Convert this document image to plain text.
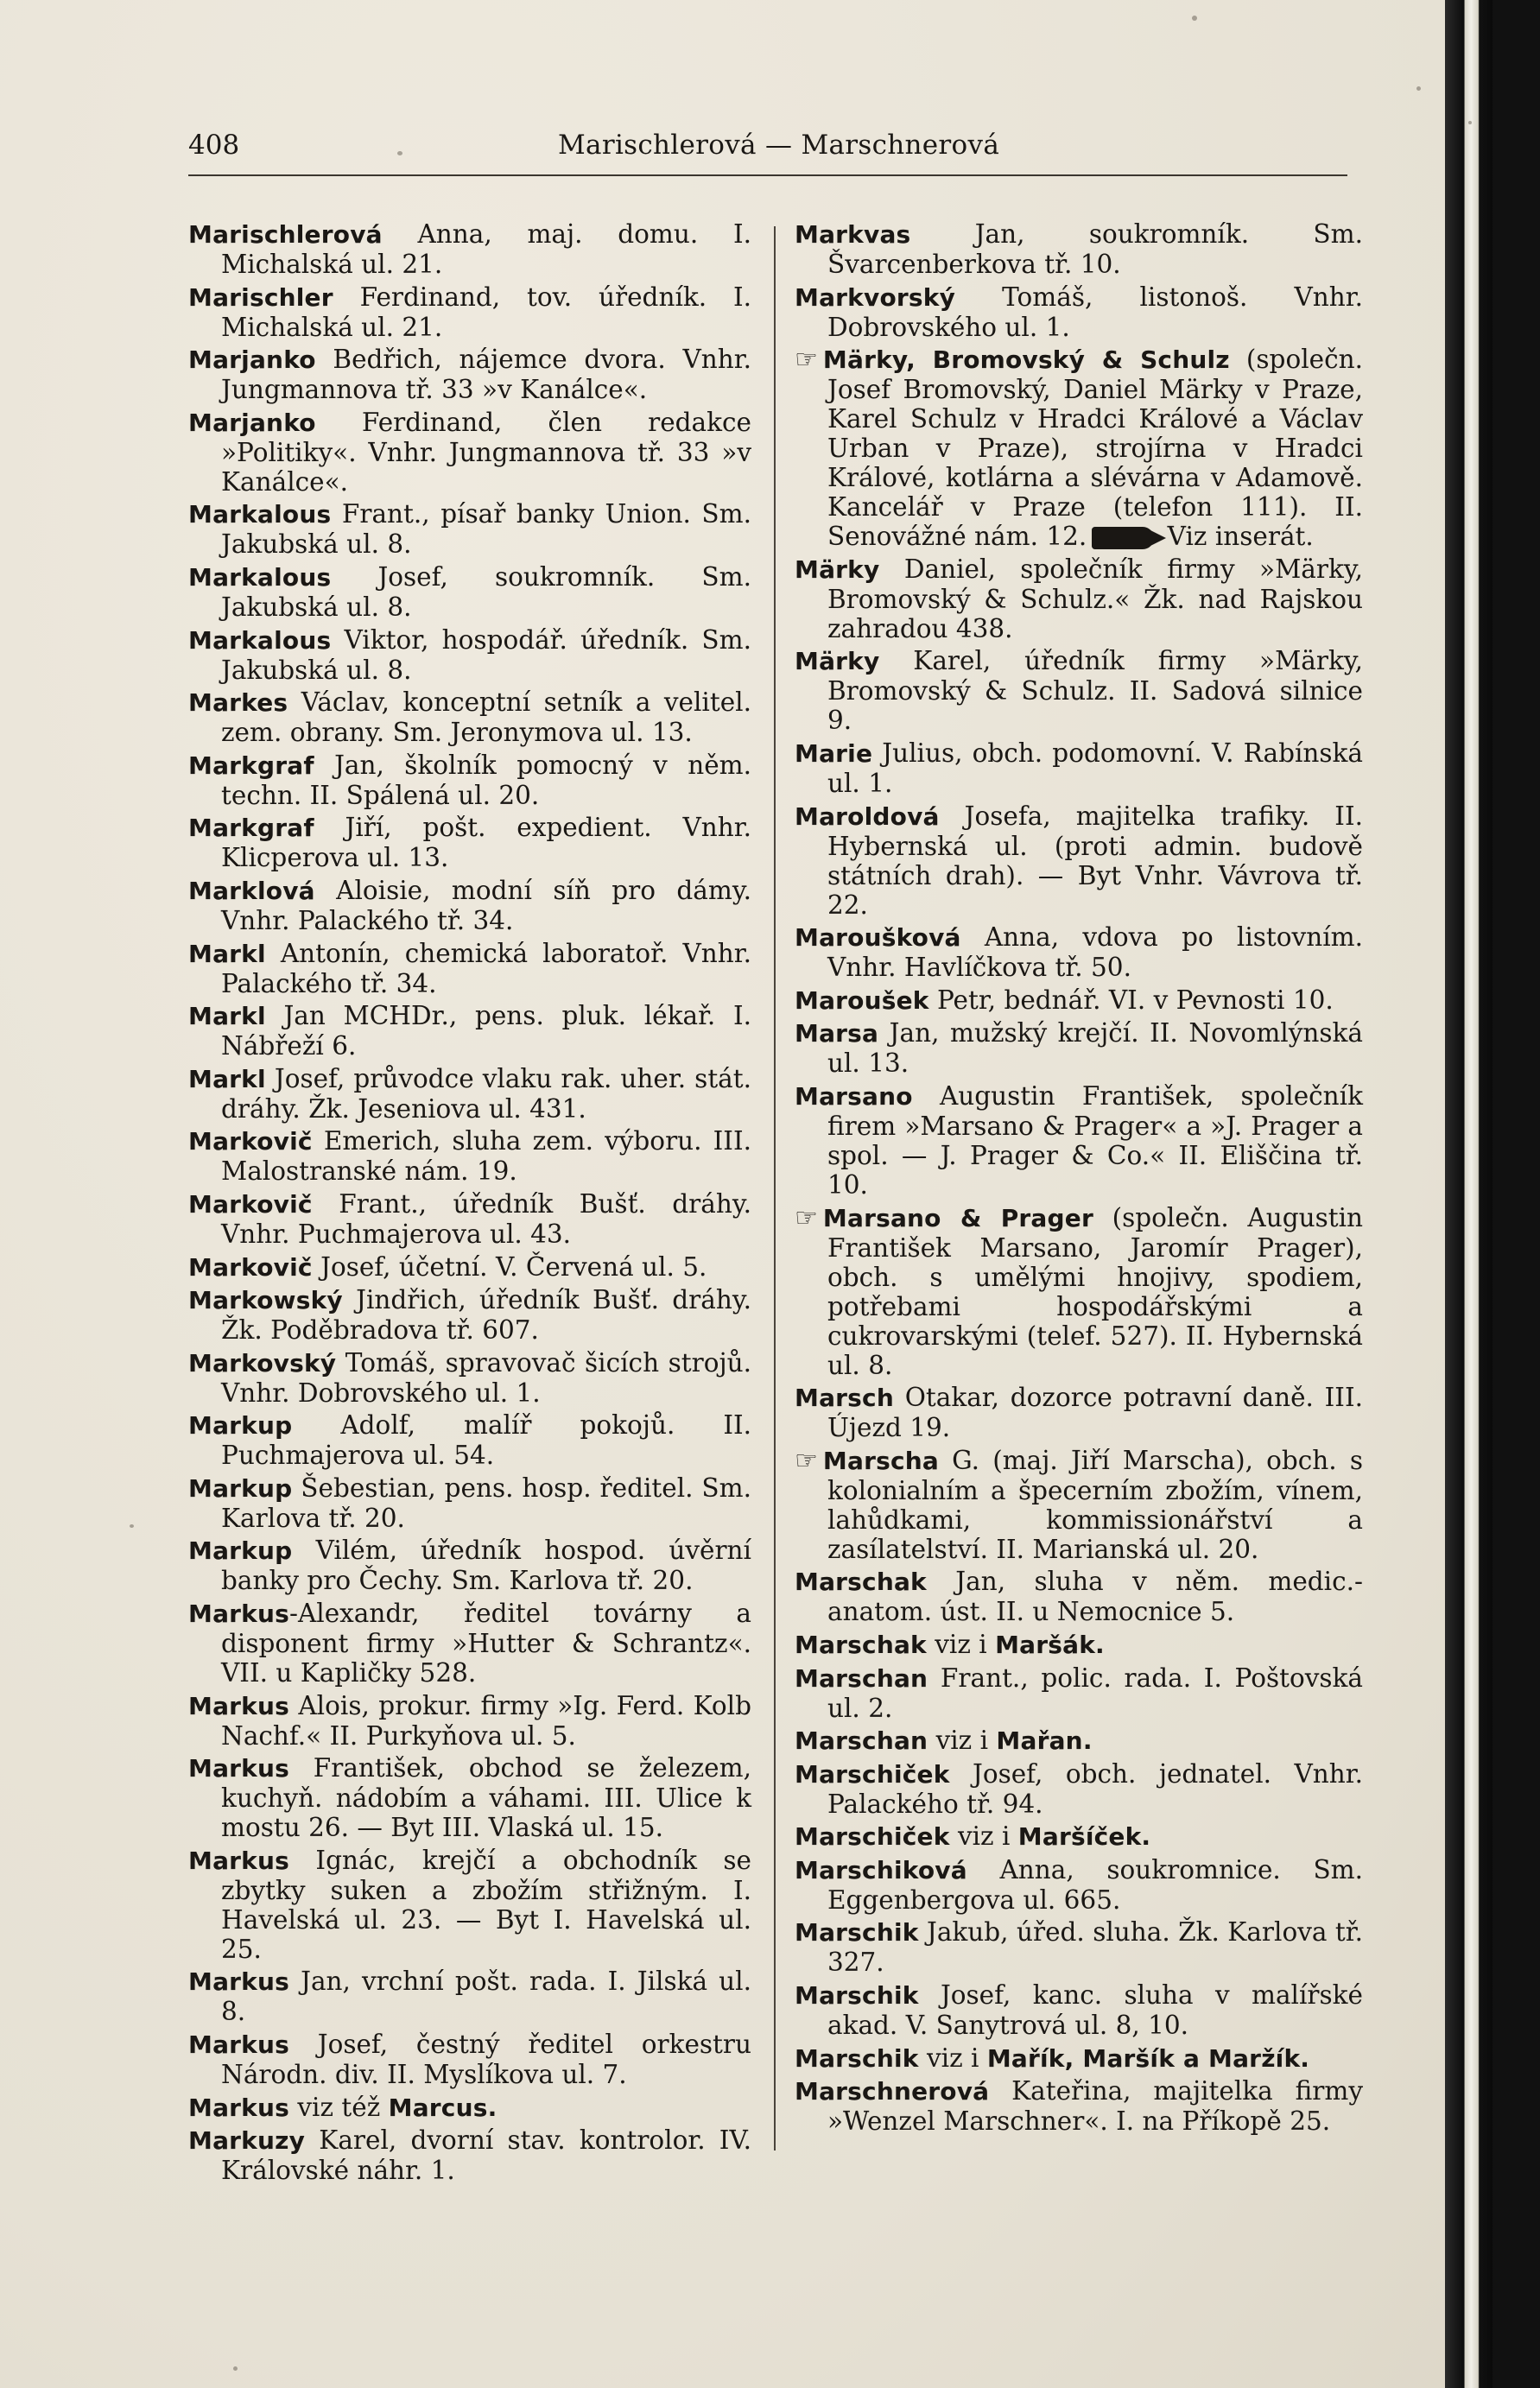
408	Marischlerová — Marschnerová

Marischlerová Anna, maj. domu. I. Michalská ul. 21.

Marischler Ferdinand, tov. úředník. I. Michalská ul. 21.

Marjanko Bedřich, nájemce dvora. Vnhr. Jungmannova tř. 33 »v Kanálce«.

Marjanko Ferdinand, člen redakce »Politiky«. Vnhr. Jungmannova tř. 33 »v Kanálce«.

Markalous Frant., písař banky Union. Sm. Jakubská ul. 8.

Markalous Josef, soukromník. Sm. Jakubská ul. 8.

Markalous Viktor, hospodář. úředník. Sm. Jakubská ul. 8.

Markes Václav, konceptní setník a velitel. zem. obrany. Sm. Jeronymova ul. 13.

Markgraf Jan, školník pomocný v něm. techn. II. Spálená ul. 20.

Markgraf Jiří, pošt. expedient. Vnhr. Klicperova ul. 13.

Marklová Aloisie, modní síň pro dámy. Vnhr. Palackého tř. 34.

Markl Antonín, chemická laboratoř. Vnhr. Palackého tř. 34.

Markl Jan MCHDr., pens. pluk. lékař. I. Nábřeží 6.

Markl Josef, průvodce vlaku rak. uher. stát. dráhy. Žk. Jeseniova ul. 431.

Markovič Emerich, sluha zem. výboru. III. Malostranské nám. 19.

Markovič Frant., úředník Bušť. dráhy. Vnhr. Puchmajerova ul. 43.

Markovič Josef, účetní. V. Červená ul. 5.

Markowský Jindřich, úředník Bušť. dráhy. Žk. Poděbradova tř. 607.

Markovský Tomáš, spravovač šicích strojů. Vnhr. Dobrovského ul. 1.

Markup Adolf, malíř pokojů. II. Puchmajerova ul. 54.

Markup Šebestian, pens. hosp. ředitel. Sm. Karlova tř. 20.

Markup Vilém, úředník hospod. úvěrní banky pro Čechy. Sm. Karlova tř. 20.

Markus-Alexandr, ředitel továrny a disponent firmy »Hutter & Schrantz«. VII. u Kapličky 528.

Markus Alois, prokur. firmy »Ig. Ferd. Kolb Nachf.« II. Purkyňova ul. 5.

Markus František, obchod se železem, kuchyň. nádobím a váhami. III. Ulice k mostu 26. — Byt III. Vlaská ul. 15.

Markus Ignác, krejčí a obchodník se zbytky suken a zbožím střižným. I. Havelská ul. 23. — Byt I. Havelská ul. 25.

Markus Jan, vrchní pošt. rada. I. Jilská ul. 8.

Markus Josef, čestný ředitel orkestru Národn. div. II. Myslíkova ul. 7.

Markus viz též Marcus.

Markuzy Karel, dvorní stav. kontrolor. IV. Královské náhr. 1.

Markvas Jan, soukromník. Sm. Švarcenberkova tř. 10.

Markvorský Tomáš, listonoš. Vnhr. Dobrovského ul. 1.

☞ Märky, Bromovský & Schulz (společn. Josef Bromovský, Daniel Märky v Praze, Karel Schulz v Hradci Králové a Václav Urban v Praze), strojírna v Hradci Králové, kotlárna a slévárna v Adamově. Kancelář v Praze (telefon 111). II. Senovážné nám. 12.	Viz inserát.

Märky Daniel, společník firmy »Märky, Bromovský & Schulz.« Žk. nad Rajskou zahradou 438.

Märky Karel, úředník firmy »Märky, Bromovský & Schulz. II. Sadová silnice 9.

Marie Julius, obch. podomovní. V. Rabínská ul. 1.

Maroldová Josefa, majitelka trafiky. II. Hybernská ul. (proti admin. budově státních drah). — Byt Vnhr. Vávrova tř. 22.

Maroušková Anna, vdova po listovním. Vnhr. Havlíčkova tř. 50.

Maroušek Petr, bednář. VI. v Pevnosti 10.

Marsa Jan, mužský krejčí. II. Novomlýnská ul. 13.

Marsano Augustin František, společník firem »Marsano & Prager« a »J. Prager a spol. — J. Prager & Co.« II. Eliščina tř. 10.

☞ Marsano & Prager (společn. Augustin František Marsano, Jaromír Prager), obch. s umělými hnojivy, spodiem, potřebami hospodářskými a cukrovarskými (telef. 527). II. Hybernská ul. 8.

Marsch Otakar, dozorce potravní daně. III. Újezd 19.

☞ Marscha G. (maj. Jiří Marscha), obch. s kolonialním a špecerním zbožím, vínem, lahůdkami, kommissionářství a zasílatelství. II. Marianská ul. 20.

Marschak Jan, sluha v něm. medic.-anatom. úst. II. u Nemocnice 5.

Marschak viz i Maršák.

Marschan Frant., polic. rada. I. Poštovská ul. 2.

Marschan viz i Mařan.

Marschiček Josef, obch. jednatel. Vnhr. Palackého tř. 94.

Marschiček viz i Maršíček.

Marschiková Anna, soukromnice. Sm. Eggenbergova ul. 665.

Marschik Jakub, úřed. sluha. Žk. Karlova tř. 327.

Marschik Josef, kanc. sluha v malířské akad. V. Sanytrová ul. 8, 10.

Marschik viz i Mařík, Maršík a Maržík.

Marschnerová Kateřina, majitelka firmy »Wenzel Marschner«. I. na Příkopě 25.
